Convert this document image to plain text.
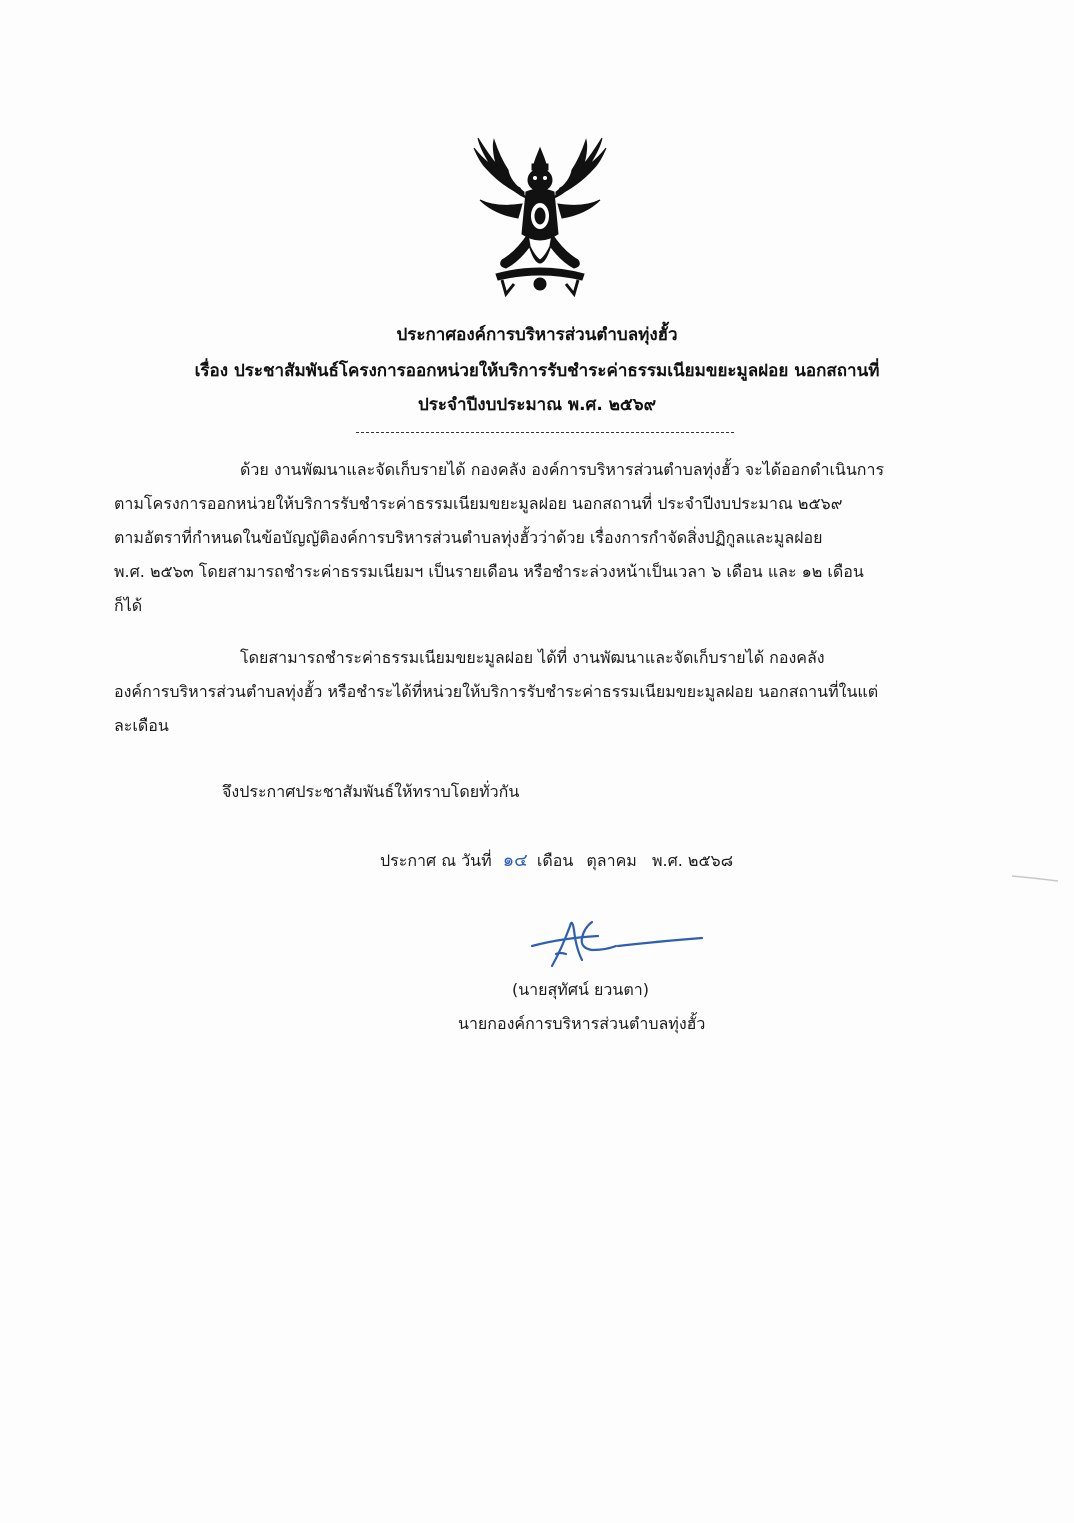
ประกาศองค์การบริหารส่วนตำบลทุ่งฮั้ว
เรื่อง ประชาสัมพันธ์โครงการออกหน่วยให้บริการรับชำระค่าธรรมเนียมขยะมูลฝอย นอกสถานที่
ประจำปีงบประมาณ พ.ศ. ๒๕๖๙
ด้วย งานพัฒนาและจัดเก็บรายได้ กองคลัง องค์การบริหารส่วนตำบลทุ่งฮั้ว จะได้ออกดำเนินการ
ตามโครงการออกหน่วยให้บริการรับชำระค่าธรรมเนียมขยะมูลฝอย นอกสถานที่ ประจำปีงบประมาณ ๒๕๖๙
ตามอัตราที่กำหนดในข้อบัญญัติองค์การบริหารส่วนตำบลทุ่งฮั้วว่าด้วย เรื่องการกำจัดสิ่งปฏิกูลและมูลฝอย
พ.ศ. ๒๕๖๓ โดยสามารถชำระค่าธรรมเนียมฯ เป็นรายเดือน หรือชำระล่วงหน้าเป็นเวลา ๖ เดือน และ ๑๒ เดือน
ก็ได้
โดยสามารถชำระค่าธรรมเนียมขยะมูลฝอย ได้ที่ งานพัฒนาและจัดเก็บรายได้ กองคลัง
องค์การบริหารส่วนตำบลทุ่งฮั้ว หรือชำระได้ที่หน่วยให้บริการรับชำระค่าธรรมเนียมขยะมูลฝอย นอกสถานที่ในแต่
ละเดือน
จึงประกาศประชาสัมพันธ์ให้ทราบโดยทั่วกัน
ประกาศ ณ วันที่ ๑๔ เดือน ตุลาคม พ.ศ. ๒๕๖๘
(นายสุทัศน์ ยวนตา)
นายกองค์การบริหารส่วนตำบลทุ่งฮั้ว
